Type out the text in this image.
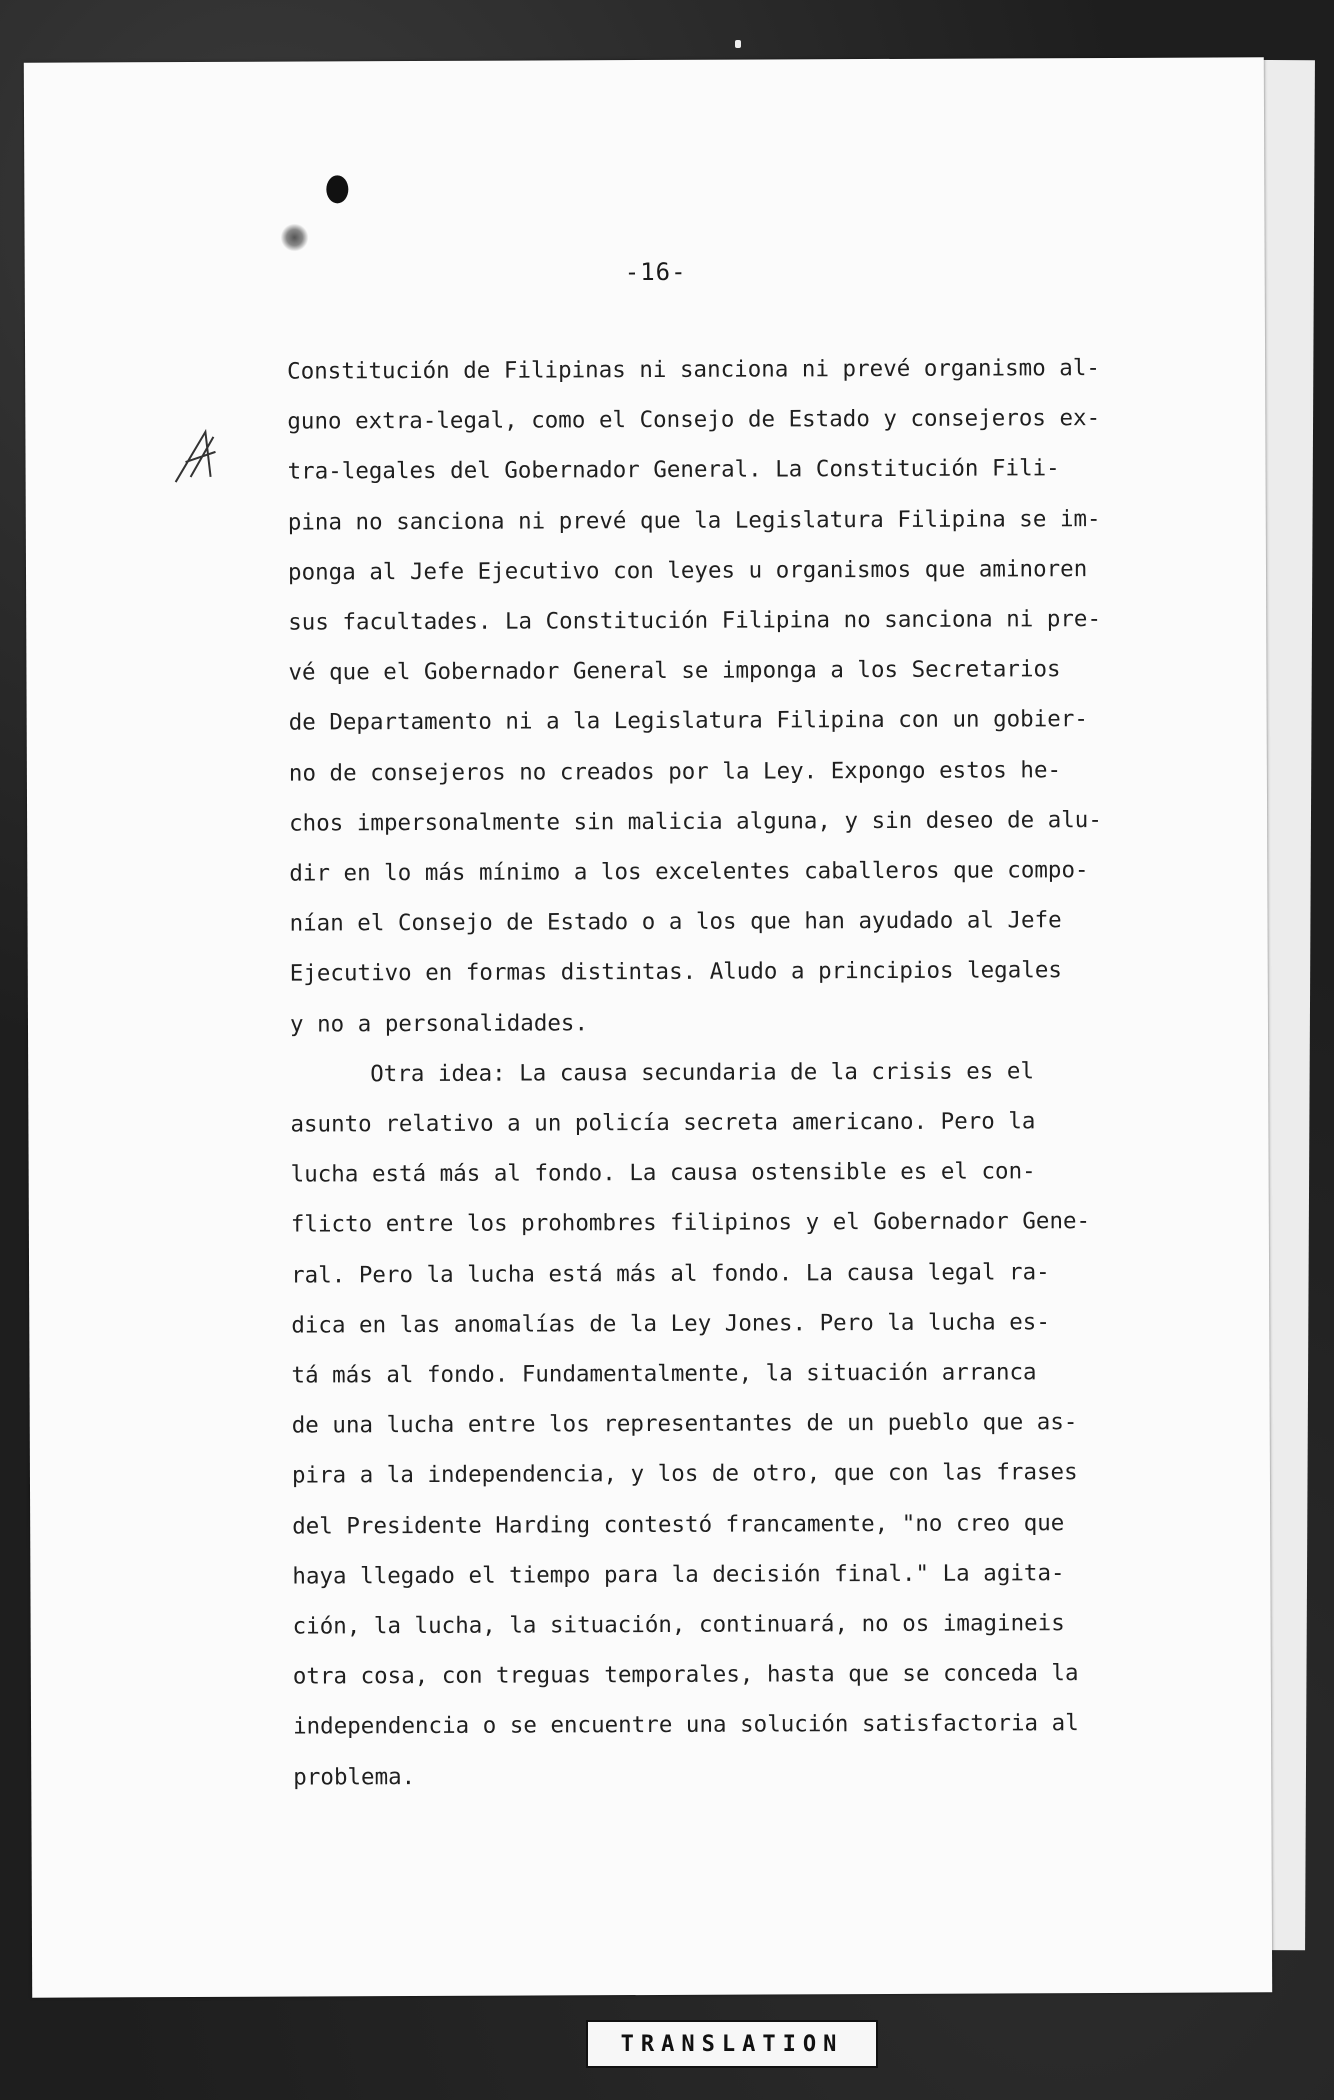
-16-
Constitución de Filipinas ni sanciona ni prevé organismo al-
guno extra-legal, como el Consejo de Estado y consejeros ex-
tra-legales del Gobernador General. La Constitución Fili-
pina no sanciona ni prevé que la Legislatura Filipina se im-
ponga al Jefe Ejecutivo con leyes u organismos que aminoren
sus facultades. La Constitución Filipina no sanciona ni pre-
vé que el Gobernador General se imponga a los Secretarios
de Departamento ni a la Legislatura Filipina con un gobier-
no de consejeros no creados por la Ley. Expongo estos he-
chos impersonalmente sin malicia alguna, y sin deseo de alu-
dir en lo más mínimo a los excelentes caballeros que compo-
nían el Consejo de Estado o a los que han ayudado al Jefe
Ejecutivo en formas distintas. Aludo a principios legales
y no a personalidades.
Otra idea: La causa secundaria de la crisis es el
asunto relativo a un policía secreta americano. Pero la
lucha está más al fondo. La causa ostensible es el con-
flicto entre los prohombres filipinos y el Gobernador Gene-
ral. Pero la lucha está más al fondo. La causa legal ra-
dica en las anomalías de la Ley Jones. Pero la lucha es-
tá más al fondo. Fundamentalmente, la situación arranca
de una lucha entre los representantes de un pueblo que as-
pira a la independencia, y los de otro, que con las frases
del Presidente Harding contestó francamente, "no creo que
haya llegado el tiempo para la decisión final." La agita-
ción, la lucha, la situación, continuará, no os imagineis
otra cosa, con treguas temporales, hasta que se conceda la
independencia o se encuentre una solución satisfactoria al
problema.
TRANSLATION
